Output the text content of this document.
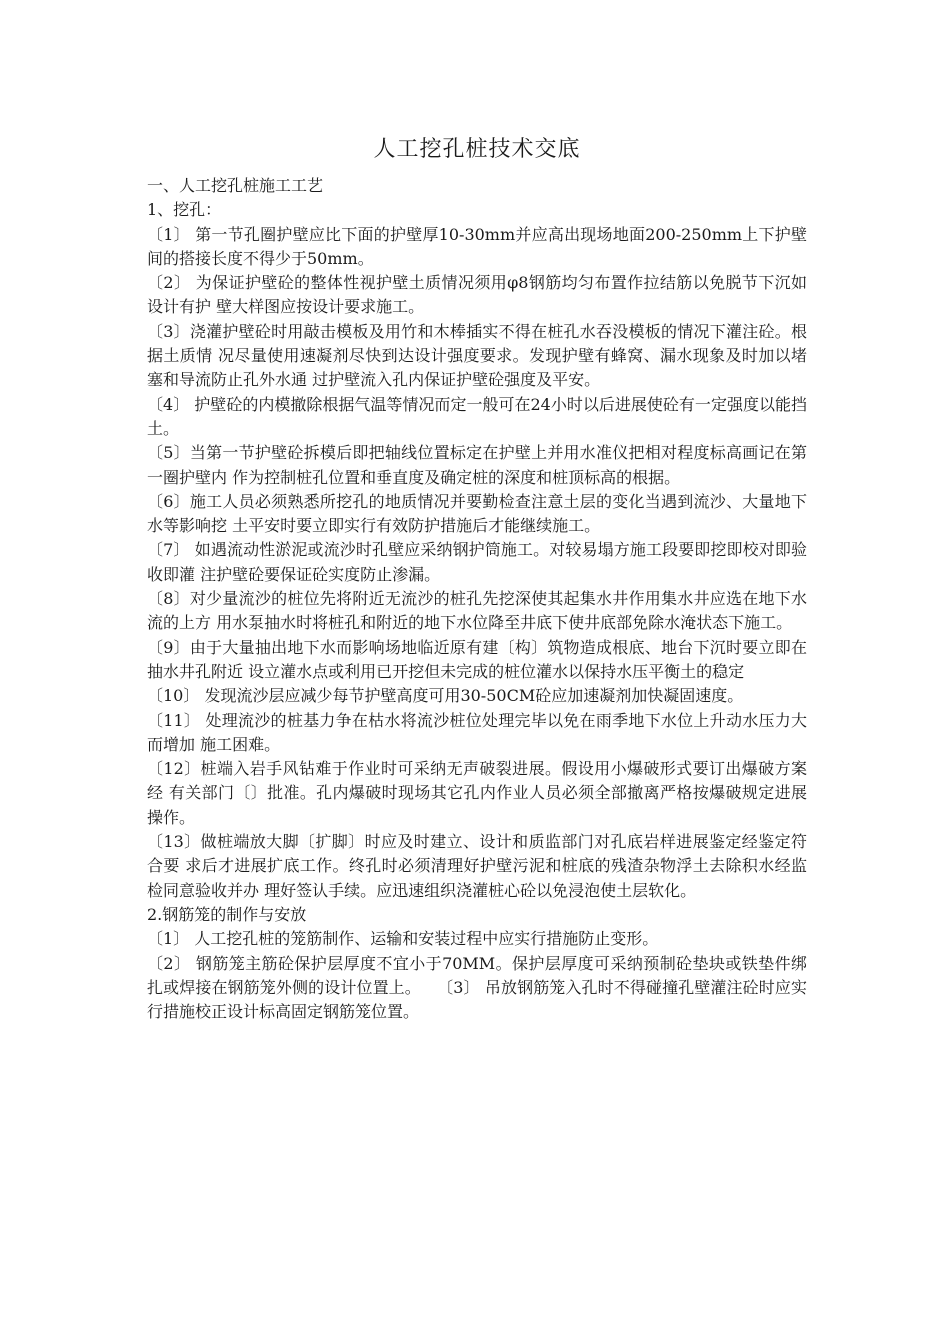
人工挖孔桩技术交底

一、人工挖孔桩施工工艺

1、挖孔：

〔1〕 第一节孔圈护壁应比下面的护壁厚10-30mm并应高出现场地面200-250mm上下护壁间的搭接长度不得少于50mm。

〔2〕 为保证护壁砼的整体性视护壁土质情况须用φ8钢筋均匀布置作拉结筋以免脱节下沉如设计有护 壁大样图应按设计要求施工。

〔3〕浇灌护壁砼时用敲击模板及用竹和木棒插实不得在桩孔水吞没模板的情况下灌注砼。根据土质情 况尽量使用速凝剂尽快到达设计强度要求。发现护壁有蜂窝、漏水现象及时加以堵塞和导流防止孔外水通 过护壁流入孔内保证护壁砼强度及平安。

〔4〕 护壁砼的内模撤除根据气温等情况而定一般可在24小时以后进展使砼有一定强度以能挡土。

〔5〕当第一节护壁砼拆模后即把轴线位置标定在护壁上并用水准仪把相对程度标高画记在第一圈护壁内 作为控制桩孔位置和垂直度及确定桩的深度和桩顶标高的根据。

〔6〕施工人员必须熟悉所挖孔的地质情况并要勤检查注意土层的变化当遇到流沙、大量地下水等影响挖 土平安时要立即实行有效防护措施后才能继续施工。

〔7〕 如遇流动性淤泥或流沙时孔壁应采纳钢护筒施工。对较易塌方施工段要即挖即校对即验收即灌 注护壁砼要保证砼实度防止渗漏。

〔8〕对少量流沙的桩位先将附近无流沙的桩孔先挖深使其起集水井作用集水井应选在地下水流的上方 用水泵抽水时将桩孔和附近的地下水位降至井底下使井底部免除水淹状态下施工。

〔9〕由于大量抽出地下水而影响场地临近原有建〔构〕筑物造成根底、地台下沉时要立即在抽水井孔附近 设立灌水点或利用已开挖但未完成的桩位灌水以保持水压平衡土的稳定

〔10〕 发现流沙层应减少每节护壁高度可用30-50CM砼应加速凝剂加快凝固速度。

〔11〕 处理流沙的桩基力争在枯水将流沙桩位处理完毕以免在雨季地下水位上升动水压力大而增加 施工困难。

〔12〕桩端入岩手风钻难于作业时可采纳无声破裂进展。假设用小爆破形式要订出爆破方案经 有关部门〔〕批准。孔内爆破时现场其它孔内作业人员必须全部撤离严格按爆破规定进展操作。

〔13〕做桩端放大脚〔扩脚〕时应及时建立、设计和质监部门对孔底岩样进展鉴定经鉴定符合要 求后才进展扩底工作。终孔时必须清理好护壁污泥和桩底的残渣杂物浮土去除积水经监检同意验收并办 理好签认手续。应迅速组织浇灌桩心砼以免浸泡使土层软化。

2.钢筋笼的制作与安放

〔1〕 人工挖孔桩的笼筋制作、运输和安装过程中应实行措施防止变形。

〔2〕 钢筋笼主筋砼保护层厚度不宜小于70MM。保护层厚度可采纳预制砼垫块或铁垫件绑扎或焊接在钢筋笼外侧的设计位置上。　　〔3〕 吊放钢筋笼入孔时不得碰撞孔壁灌注砼时应实行措施校正设计标高固定钢筋笼位置。
